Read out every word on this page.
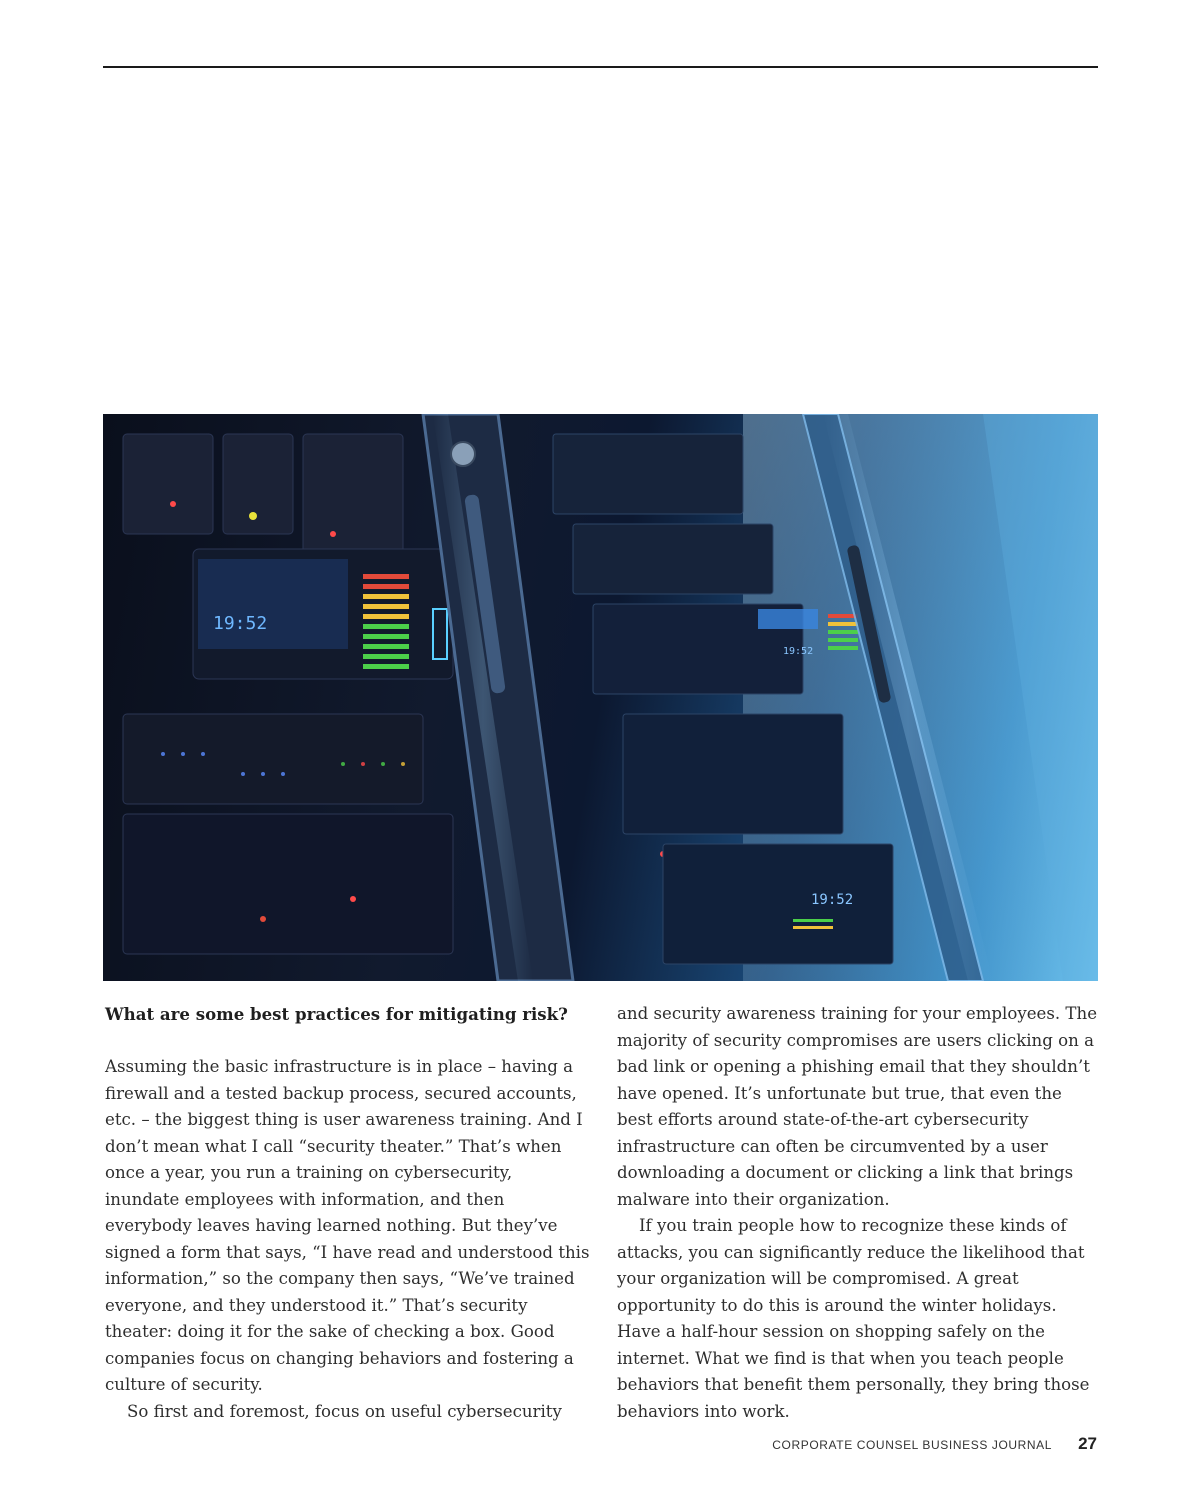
19:52
19:52
19:52

What are some best practices for mitigating risk?

Assuming the basic infrastructure is in place – having a firewall and a tested backup process, secured accounts, etc. – the biggest thing is user awareness training. And I don’t mean what I call “security theater.” That’s when once a year, you run a training on cybersecurity, inundate employees with information, and then everybody leaves having learned nothing. But they’ve signed a form that says, “I have read and understood this information,” so the company then says, “We’ve trained everyone, and they understood it.” That’s security theater: doing it for the sake of checking a box. Good companies focus on changing behaviors and fostering a culture of security.

So first and foremost, focus on useful cybersecurity

and security awareness training for your employees. The majority of security compromises are users clicking on a bad link or opening a phishing email that they shouldn’t have opened. It’s unfortunate but true, that even the best efforts around state-of-the-art cybersecurity infrastructure can often be circumvented by a user downloading a document or clicking a link that brings malware into their organization.

If you train people how to recognize these kinds of attacks, you can significantly reduce the likelihood that your organization will be compromised. A great opportunity to do this is around the winter holidays. Have a half-hour session on shopping safely on the internet. What we find is that when you teach people behaviors that benefit them personally, they bring those behaviors into work.

CORPORATE COUNSEL BUSINESS JOURNAL 27
